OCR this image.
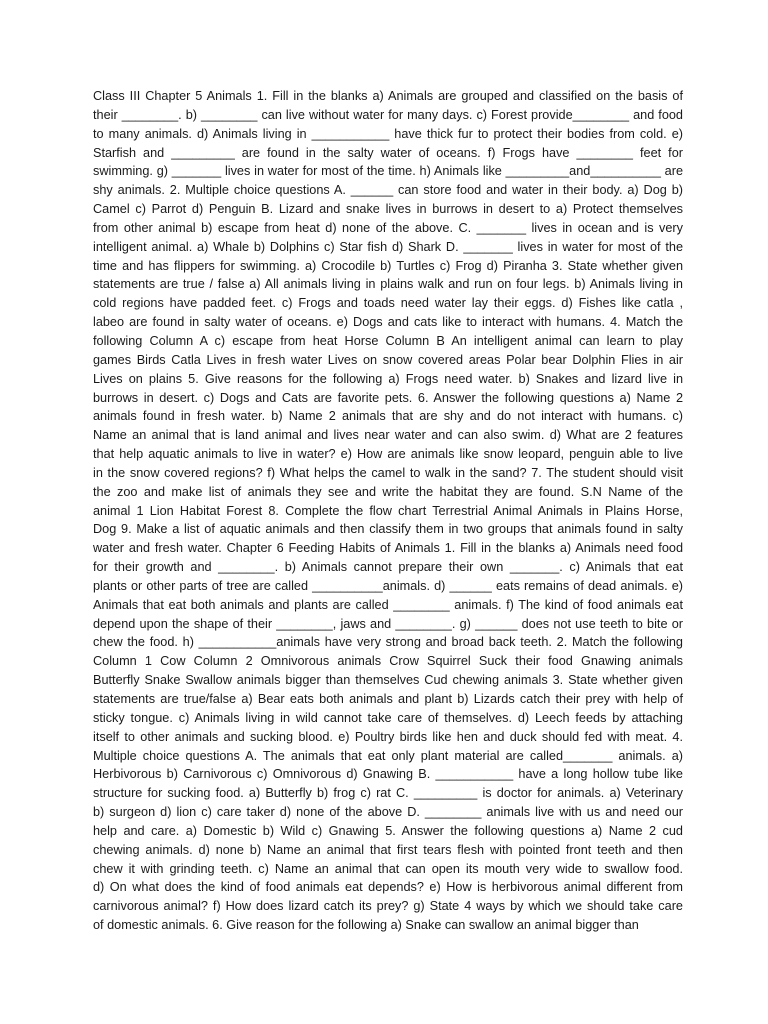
Class III Chapter 5 Animals 1. Fill in the blanks a) Animals are grouped and classified on the basis of
their ________. b) ________ can live without water for many days. c) Forest provide________ and food
to many animals. d) Animals living in ___________ have thick fur to protect their bodies from cold. e)
Starfish and _________ are found in the salty water of oceans. f) Frogs have ________ feet for
swimming. g) _______ lives in water for most of the time. h) Animals like _________and__________ are
shy animals. 2. Multiple choice questions A. ______ can store food and water in their body. a) Dog b)
Camel c) Parrot d) Penguin B. Lizard and snake lives in burrows in desert to a) Protect themselves
from other animal b) escape from heat d) none of the above. C. _______ lives in ocean and is very
intelligent animal. a) Whale b) Dolphins c) Star fish d) Shark D. _______ lives in water for most of the
time and has flippers for swimming. a) Crocodile b) Turtles c) Frog d) Piranha 3. State whether given
statements are true / false a) All animals living in plains walk and run on four legs. b) Animals living in
cold regions have padded feet. c) Frogs and toads need water lay their eggs. d) Fishes like catla ,
labeo are found in salty water of oceans. e) Dogs and cats like to interact with humans. 4. Match the
following Column A c) escape from heat Horse Column B An intelligent animal can learn to play
games Birds Catla Lives in fresh water Lives on snow covered areas Polar bear Dolphin Flies in air
Lives on plains 5. Give reasons for the following a) Frogs need water. b) Snakes and lizard live in
burrows in desert. c) Dogs and Cats are favorite pets. 6. Answer the following questions a) Name 2
animals found in fresh water. b) Name 2 animals that are shy and do not interact with humans. c)
Name an animal that is land animal and lives near water and can also swim. d) What are 2 features
that help aquatic animals to live in water? e) How are animals like snow leopard, penguin able to live
in the snow covered regions? f) What helps the camel to walk in the sand? 7. The student should visit
the zoo and make list of animals they see and write the habitat they are found. S.N Name of the
animal 1 Lion Habitat Forest 8. Complete the flow chart Terrestrial Animal Animals in Plains Horse,
Dog 9. Make a list of aquatic animals and then classify them in two groups that animals found in salty
water and fresh water. Chapter 6 Feeding Habits of Animals 1. Fill in the blanks a) Animals need food
for their growth and ________. b) Animals cannot prepare their own _______. c) Animals that eat
plants or other parts of tree are called __________animals. d) ______ eats remains of dead animals. e)
Animals that eat both animals and plants are called ________ animals. f) The kind of food animals eat
depend upon the shape of their ________, jaws and ________. g) ______ does not use teeth to bite or
chew the food. h) ___________animals have very strong and broad back teeth. 2. Match the following
Column 1 Cow Column 2 Omnivorous animals Crow Squirrel Suck their food Gnawing animals
Butterfly Snake Swallow animals bigger than themselves Cud chewing animals 3. State whether given
statements are true/false a) Bear eats both animals and plant b) Lizards catch their prey with help of
sticky tongue. c) Animals living in wild cannot take care of themselves. d) Leech feeds by attaching
itself to other animals and sucking blood. e) Poultry birds like hen and duck should fed with meat. 4.
Multiple choice questions A. The animals that eat only plant material are called_______ animals. a)
Herbivorous b) Carnivorous c) Omnivorous d) Gnawing B. ___________ have a long hollow tube like
structure for sucking food. a) Butterfly b) frog c) rat C. _________ is doctor for animals. a) Veterinary
b) surgeon d) lion c) care taker d) none of the above D. ________ animals live with us and need our
help and care. a) Domestic b) Wild c) Gnawing 5. Answer the following questions a) Name 2 cud
chewing animals. d) none b) Name an animal that first tears flesh with pointed front teeth and then
chew it with grinding teeth. c) Name an animal that can open its mouth very wide to swallow food.
d) On what does the kind of food animals eat depends? e) How is herbivorous animal different from
carnivorous animal? f) How does lizard catch its prey? g) State 4 ways by which we should take care
of domestic animals. 6. Give reason for the following a) Snake can swallow an animal bigger than
